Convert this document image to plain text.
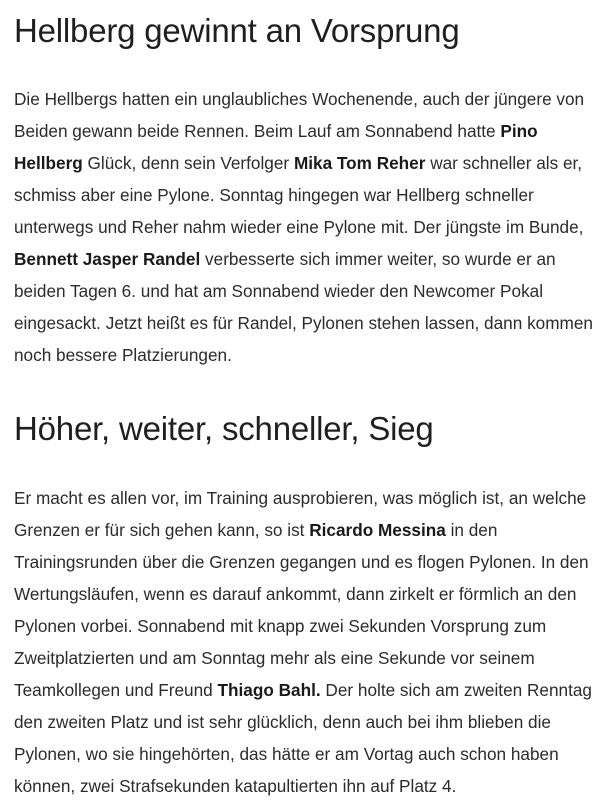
Hellberg gewinnt an Vorsprung

Die Hellbergs hatten ein unglaubliches Wochenende, auch der jüngere von Beiden gewann beide Rennen. Beim Lauf am Sonnabend hatte Pino Hellberg Glück, denn sein Verfolger Mika Tom Reher war schneller als er, schmiss aber eine Pylone. Sonntag hingegen war Hellberg schneller unterwegs und Reher nahm wieder eine Pylone mit. Der jüngste im Bunde, Bennett Jasper Randel verbesserte sich immer weiter, so wurde er an beiden Tagen 6. und hat am Sonnabend wieder den Newcomer Pokal eingesackt. Jetzt heißt es für Randel, Pylonen stehen lassen, dann kommen noch bessere Platzierungen.

Höher, weiter, schneller, Sieg

Er macht es allen vor, im Training ausprobieren, was möglich ist, an welche Grenzen er für sich gehen kann, so ist Ricardo Messina in den Trainingsrunden über die Grenzen gegangen und es flogen Pylonen. In den Wertungsläufen, wenn es darauf ankommt, dann zirkelt er förmlich an den Pylonen vorbei. Sonnabend mit knapp zwei Sekunden Vorsprung zum Zweitplatzierten und am Sonntag mehr als eine Sekunde vor seinem Teamkollegen und Freund Thiago Bahl. Der holte sich am zweiten Renntag den zweiten Platz und ist sehr glücklich, denn auch bei ihm blieben die Pylonen, wo sie hingehörten, das hätte er am Vortag auch schon haben können, zwei Strafsekunden katapultierten ihn auf Platz 4.
